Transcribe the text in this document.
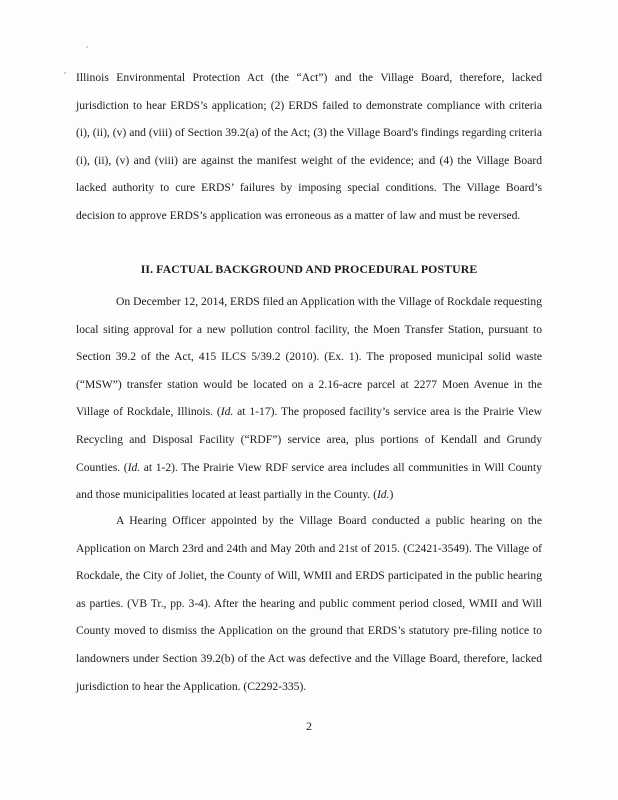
Illinois Environmental Protection Act (the “Act”) and the Village Board, therefore, lacked jurisdiction to hear ERDS’s application; (2) ERDS failed to demonstrate compliance with criteria (i), (ii), (v) and (viii) of Section 39.2(a) of the Act; (3) the Village Board's findings regarding criteria (i), (ii), (v) and (viii) are against the manifest weight of the evidence; and (4) the Village Board lacked authority to cure ERDS’ failures by imposing special conditions. The Village Board’s decision to approve ERDS’s application was erroneous as a matter of law and must be reversed.
II. FACTUAL BACKGROUND AND PROCEDURAL POSTURE
On December 12, 2014, ERDS filed an Application with the Village of Rockdale requesting local siting approval for a new pollution control facility, the Moen Transfer Station, pursuant to Section 39.2 of the Act, 415 ILCS 5/39.2 (2010). (Ex. 1). The proposed municipal solid waste (“MSW”) transfer station would be located on a 2.16-acre parcel at 2277 Moen Avenue in the Village of Rockdale, Illinois. (Id. at 1-17). The proposed facility’s service area is the Prairie View Recycling and Disposal Facility (“RDF”) service area, plus portions of Kendall and Grundy Counties. (Id. at 1-2). The Prairie View RDF service area includes all communities in Will County and those municipalities located at least partially in the County. (Id.)
A Hearing Officer appointed by the Village Board conducted a public hearing on the Application on March 23rd and 24th and May 20th and 21st of 2015. (C2421-3549). The Village of Rockdale, the City of Joliet, the County of Will, WMII and ERDS participated in the public hearing as parties. (VB Tr., pp. 3-4). After the hearing and public comment period closed, WMII and Will County moved to dismiss the Application on the ground that ERDS’s statutory pre-filing notice to landowners under Section 39.2(b) of the Act was defective and the Village Board, therefore, lacked jurisdiction to hear the Application. (C2292-335).
2
